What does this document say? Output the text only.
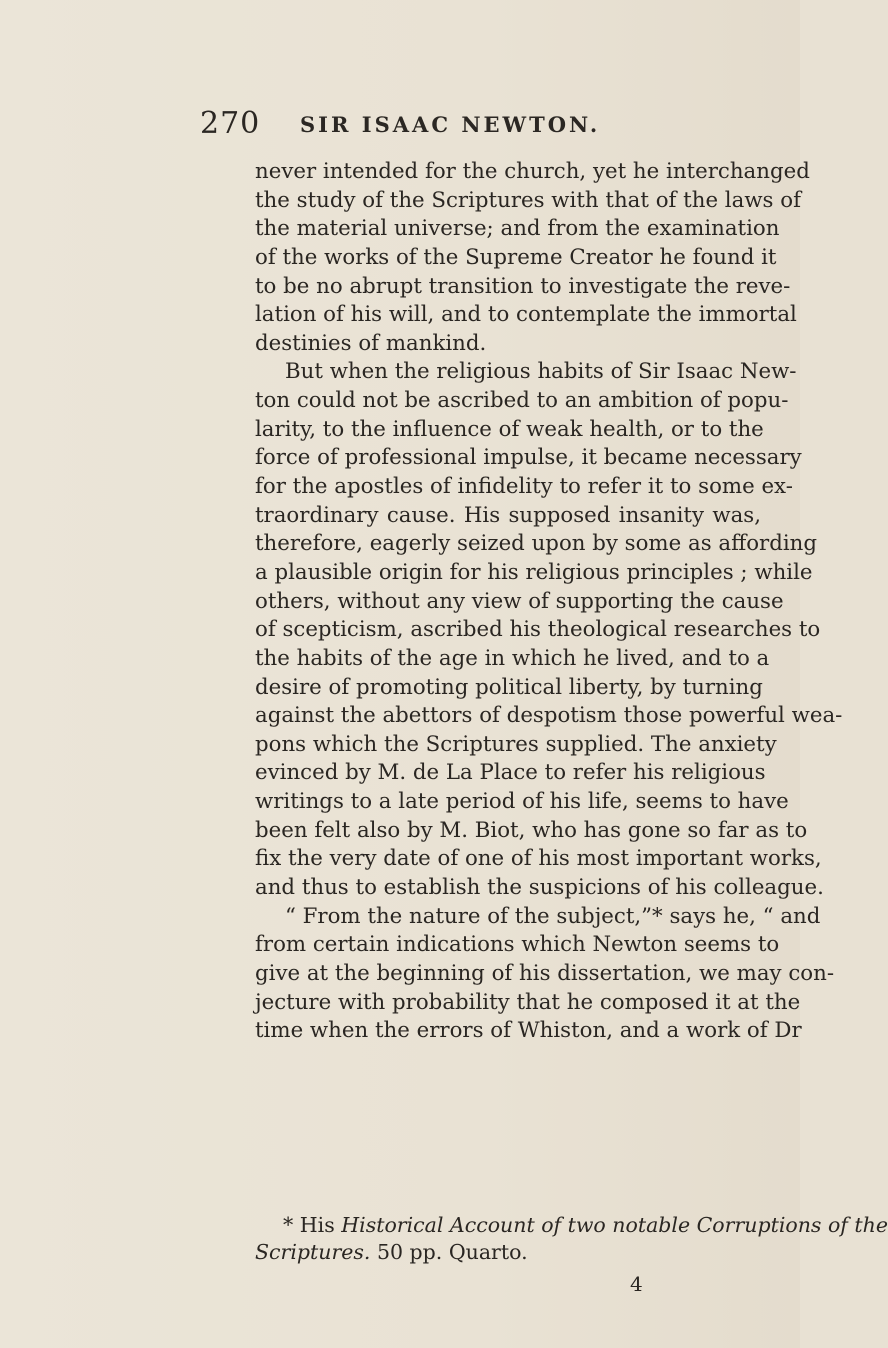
270 SIR ISAAC NEWTON.
never intended for the church, yet he interchanged
the study of the Scriptures with that of the laws of
the material universe; and from the examination
of the works of the Supreme Creator he found it
to be no abrupt transition to investigate the reve-
lation of his will, and to contemplate the immortal
destinies of mankind.
But when the religious habits of Sir Isaac New-
ton could not be ascribed to an ambition of popu-
larity, to the influence of weak health, or to the
force of professional impulse, it became necessary
for the apostles of infidelity to refer it to some ex-
traordinary cause. His supposed insanity was,
therefore, eagerly seized upon by some as affording
a plausible origin for his religious principles ; while
others, without any view of supporting the cause
of scepticism, ascribed his theological researches to
the habits of the age in which he lived, and to a
desire of promoting political liberty, by turning
against the abettors of despotism those powerful wea-
pons which the Scriptures supplied. The anxiety
evinced by M. de La Place to refer his religious
writings to a late period of his life, seems to have
been felt also by M. Biot, who has gone so far as to
fix the very date of one of his most important works,
and thus to establish the suspicions of his colleague.
“ From the nature of the subject,”* says he, “ and
from certain indications which Newton seems to
give at the beginning of his dissertation, we may con-
jecture with probability that he composed it at the
time when the errors of Whiston, and a work of Dr
* His Historical Account of two notable Corruptions of the
Scriptures. 50 pp. Quarto.
4
